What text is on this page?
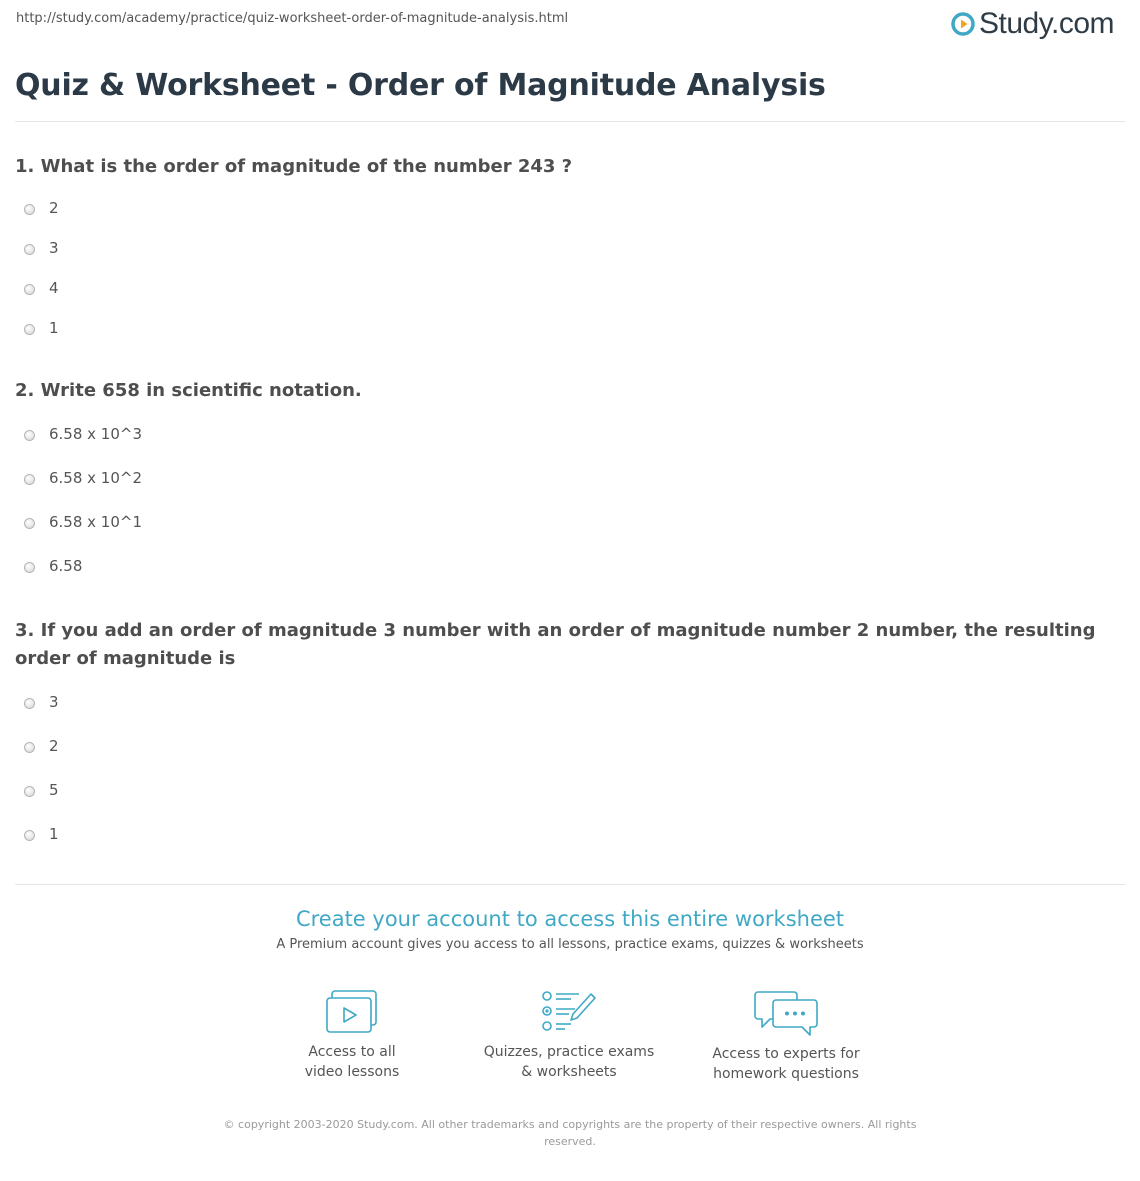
http://study.com/academy/practice/quiz-worksheet-order-of-magnitude-analysis.html	Study.com
Quiz & Worksheet - Order of Magnitude Analysis
1. What is the order of magnitude of the number 243 ?
2
3
4
1
2. Write 658 in scientific notation.
6.58 x 10^3
6.58 x 10^2
6.58 x 10^1
6.58
3. If you add an order of magnitude 3 number with an order of magnitude number 2 number, the resulting order of magnitude is
3
2
5
1
Create your account to access this entire worksheet
A Premium account gives you access to all lessons, practice exams, quizzes & worksheets
Access to all
video lessons
Quizzes, practice exams
& worksheets
Access to experts for
homework questions
© copyright 2003-2020 Study.com. All other trademarks and copyrights are the property of their respective owners. All rights reserved.
